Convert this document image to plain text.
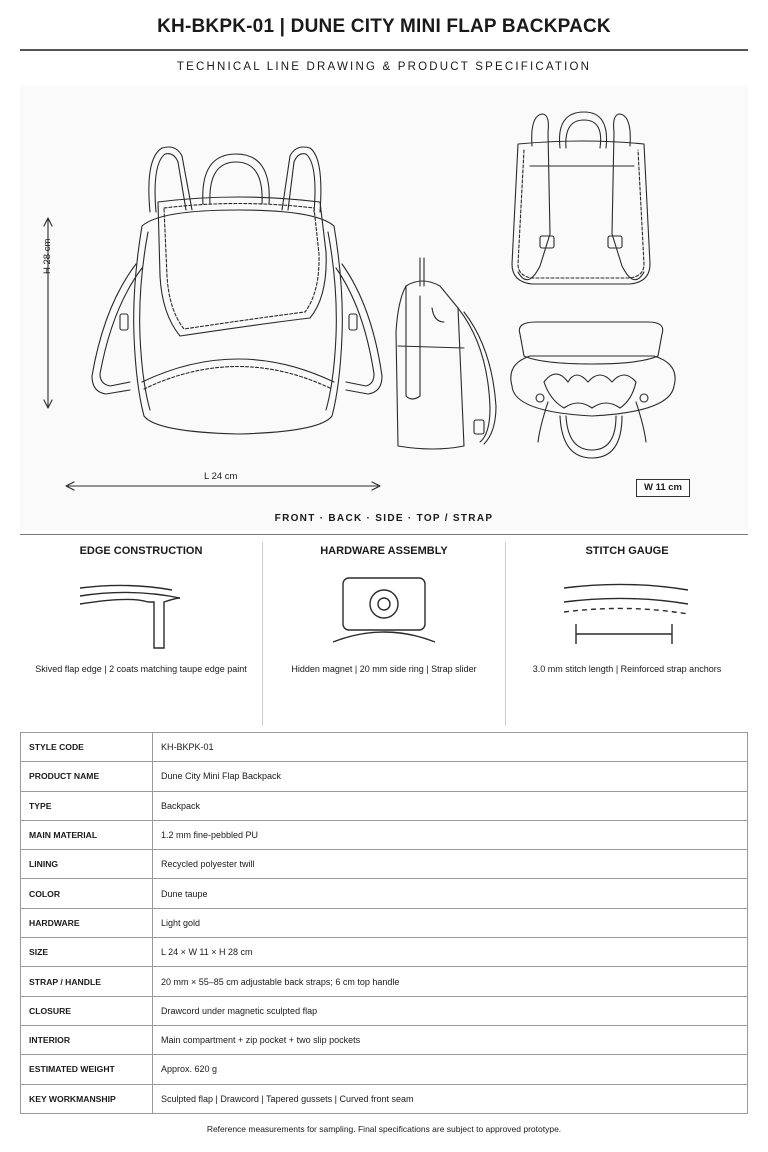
KH-BKPK-01 | DUNE CITY MINI FLAP BACKPACK
TECHNICAL LINE DRAWING & PRODUCT SPECIFICATION
H 28 cm
L 24 cm
W 11 cm
FRONT · BACK · SIDE · TOP / STRAP
EDGE CONSTRUCTION
Skived flap edge | 2 coats matching taupe edge paint
HARDWARE ASSEMBLY
Hidden magnet | 20 mm side ring | Strap slider
STITCH GAUGE
3.0 mm stitch length | Reinforced strap anchors
STYLE CODE	KH-BKPK-01
PRODUCT NAME	Dune City Mini Flap Backpack
TYPE	Backpack
MAIN MATERIAL	1.2 mm fine-pebbled PU
LINING	Recycled polyester twill
COLOR	Dune taupe
HARDWARE	Light gold
SIZE	L 24 × W 11 × H 28 cm
STRAP / HANDLE	20 mm × 55–85 cm adjustable back straps; 6 cm top handle
CLOSURE	Drawcord under magnetic sculpted flap
INTERIOR	Main compartment + zip pocket + two slip pockets
ESTIMATED WEIGHT	Approx. 620 g
KEY WORKMANSHIP	Sculpted flap | Drawcord | Tapered gussets | Curved front seam
Reference measurements for sampling. Final specifications are subject to approved prototype.
